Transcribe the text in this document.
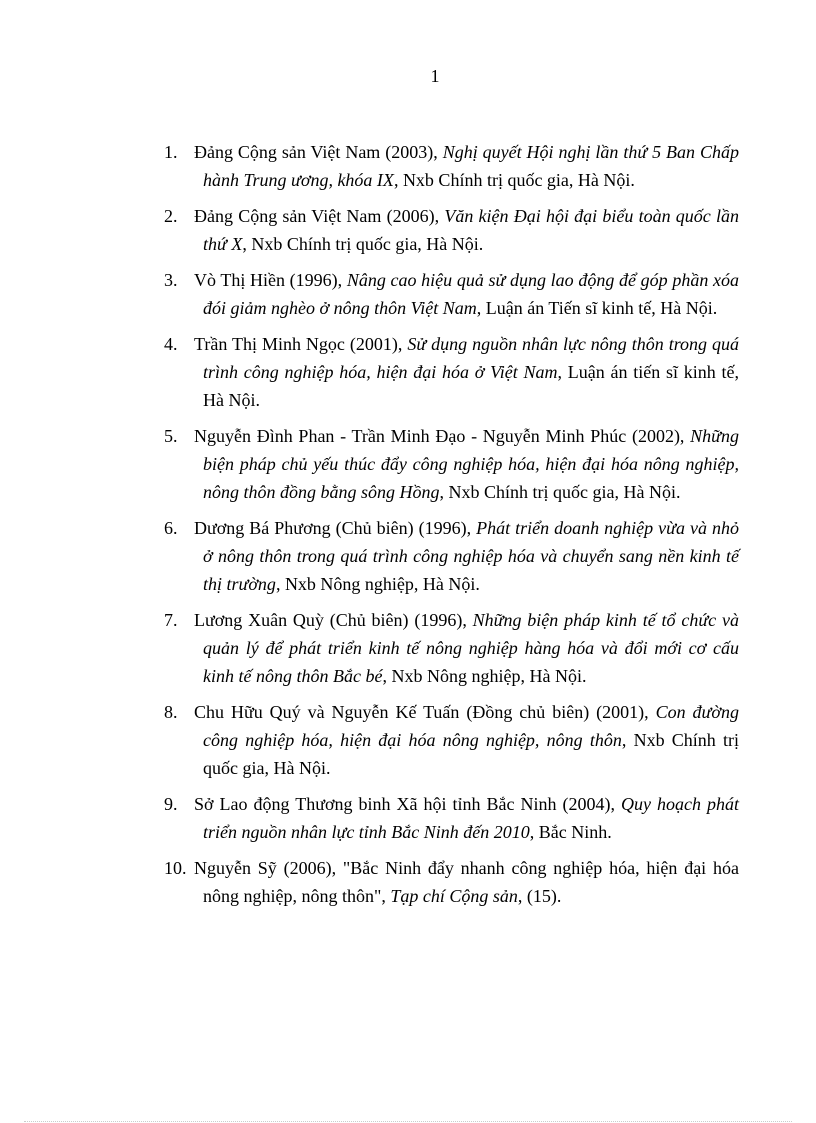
1
1. Đảng Cộng sản Việt Nam (2003), Nghị quyết Hội nghị lần thứ 5 Ban Chấp hành Trung ương, khóa IX, Nxb Chính trị quốc gia, Hà Nội.
2. Đảng Cộng sản Việt Nam (2006), Văn kiện Đại hội đại biểu toàn quốc lần thứ X, Nxb Chính trị quốc gia, Hà Nội.
3. Vò Thị Hiền (1996), Nâng cao hiệu quả sử dụng lao động để góp phần xóa đói giảm nghèo ở nông thôn Việt Nam, Luận án Tiến sĩ kinh tế, Hà Nội.
4. Trần Thị Minh Ngọc (2001), Sử dụng nguồn nhân lực nông thôn trong quá trình công nghiệp hóa, hiện đại hóa ở Việt Nam, Luận án tiến sĩ kinh tế, Hà Nội.
5. Nguyễn Đình Phan - Trần Minh Đạo - Nguyễn Minh Phúc (2002), Những biện pháp chủ yếu thúc đẩy công nghiệp hóa, hiện đại hóa nông nghiệp, nông thôn đồng bằng sông Hồng, Nxb Chính trị quốc gia, Hà Nội.
6. Dương Bá Phương (Chủ biên) (1996), Phát triển doanh nghiệp vừa và nhỏ ở nông thôn trong quá trình công nghiệp hóa và chuyển sang nền kinh tế thị trường, Nxb Nông nghiệp, Hà Nội.
7. Lương Xuân Quỳ (Chủ biên) (1996), Những biện pháp kinh tế tổ chức và quản lý để phát triển kinh tế nông nghiệp hàng hóa và đổi mới cơ cấu kinh tế nông thôn Bắc bé, Nxb Nông nghiệp, Hà Nội.
8. Chu Hữu Quý và Nguyễn Kế Tuấn (Đồng chủ biên) (2001), Con đường công nghiệp hóa, hiện đại hóa nông nghiệp, nông thôn, Nxb Chính trị quốc gia, Hà Nội.
9. Sở Lao động Thương binh Xã hội tỉnh Bắc Ninh (2004), Quy hoạch phát triển nguồn nhân lực tỉnh Bắc Ninh đến 2010, Bắc Ninh.
10. Nguyễn Sỹ (2006), "Bắc Ninh đẩy nhanh công nghiệp hóa, hiện đại hóa nông nghiệp, nông thôn", Tạp chí Cộng sản, (15).
